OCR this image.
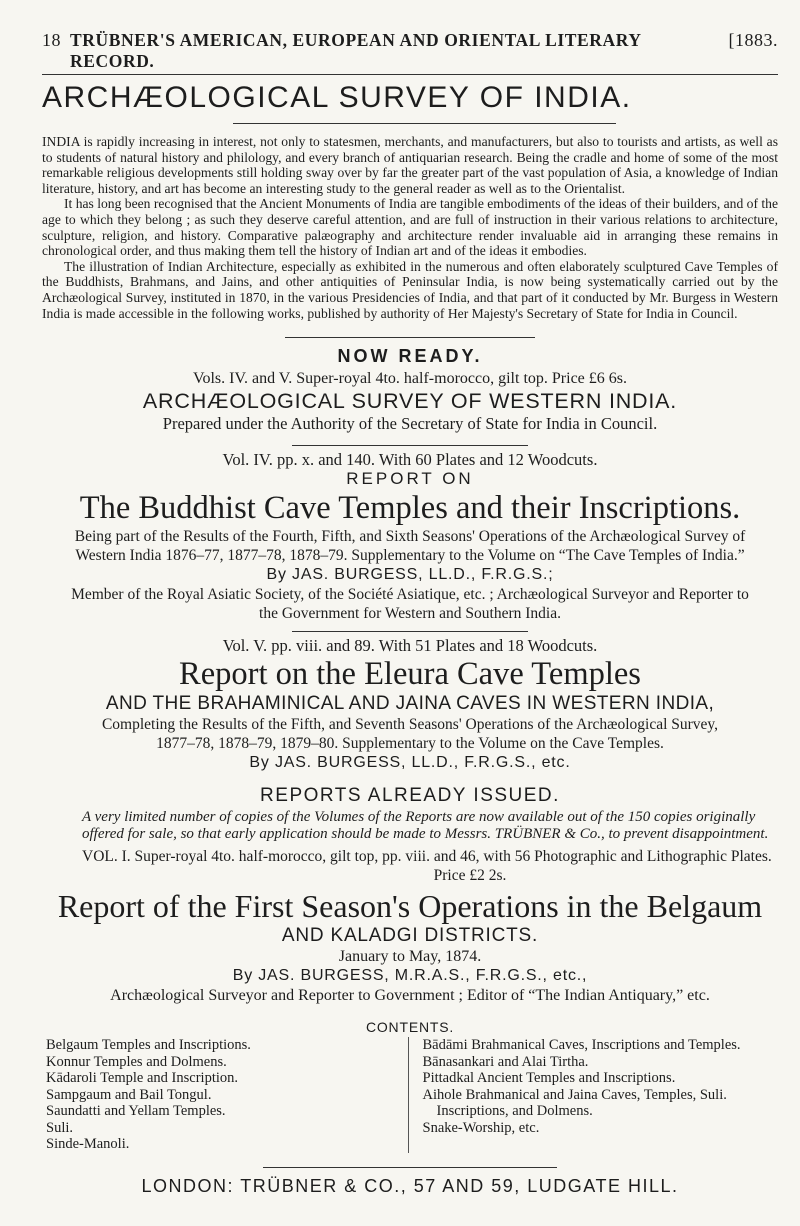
18 TRÜBNER'S AMERICAN, EUROPEAN AND ORIENTAL LITERARY RECORD.
[1883.
ARCHÆOLOGICAL SURVEY OF INDIA.

INDIA is rapidly increasing in interest, not only to statesmen, merchants, and manufacturers, but also to tourists and artists, as well as to students of natural history and philology, and every branch of antiquarian research. Being the cradle and home of some of the most remarkable religious developments still holding sway over by far the greater part of the vast population of Asia, a knowledge of Indian literature, history, and art has become an interesting study to the general reader as well as to the Orientalist.

It has long been recognised that the Ancient Monuments of India are tangible embodiments of the ideas of their builders, and of the age to which they belong ; as such they deserve careful attention, and are full of instruction in their various relations to architecture, sculpture, religion, and history. Comparative palæography and architecture render invaluable aid in arranging these remains in chronological order, and thus making them tell the history of Indian art and of the ideas it embodies.

The illustration of Indian Architecture, especially as exhibited in the numerous and often elaborately sculptured Cave Temples of the Buddhists, Brahmans, and Jains, and other antiquities of Peninsular India, is now being systematically carried out by the Archæological Survey, instituted in 1870, in the various Presidencies of India, and that part of it conducted by Mr. Burgess in Western India is made accessible in the following works, published by authority of Her Majesty's Secretary of State for India in Council.

NOW READY.
Vols. IV. and V. Super-royal 4to. half-morocco, gilt top. Price £6 6s.
ARCHÆOLOGICAL SURVEY OF WESTERN INDIA.
Prepared under the Authority of the Secretary of State for India in Council.
Vol. IV. pp. x. and 140. With 60 Plates and 12 Woodcuts.
REPORT ON
The Buddhist Cave Temples and their Inscriptions.
Being part of the Results of the Fourth, Fifth, and Sixth Seasons' Operations of the Archæological Survey of Western India 1876–77, 1877–78, 1878–79. Supplementary to the Volume on “The Cave Temples of India.”
By JAS. BURGESS, LL.D., F.R.G.S.;
Member of the Royal Asiatic Society, of the Société Asiatique, etc. ; Archæological Surveyor and Reporter to the Government for Western and Southern India.
Vol. V. pp. viii. and 89. With 51 Plates and 18 Woodcuts.
Report on the Eleura Cave Temples
AND THE BRAHAMINICAL AND JAINA CAVES IN WESTERN INDIA,
Completing the Results of the Fifth, and Seventh Seasons' Operations of the Archæological Survey, 1877–78, 1878–79, 1879–80. Supplementary to the Volume on the Cave Temples.
By JAS. BURGESS, LL.D., F.R.G.S., etc.
REPORTS ALREADY ISSUED.
A very limited number of copies of the Volumes of the Reports are now available out of the 150 copies originally offered for sale, so that early application should be made to Messrs. TRÜBNER & Co., to prevent disappointment.
VOL. I. Super-royal 4to. half-morocco, gilt top, pp. viii. and 46, with 56 Photographic and Lithographic Plates.
Price £2 2s.
Report of the First Season's Operations in the Belgaum
AND KALADGI DISTRICTS.
January to May, 1874.
By JAS. BURGESS, M.R.A.S., F.R.G.S., etc.,
Archæological Surveyor and Reporter to Government ; Editor of “The Indian Antiquary,” etc.
CONTENTS.
Belgaum Temples and Inscriptions.
Konnur Temples and Dolmens.
Kādaroli Temple and Inscription.
Sampgaum and Bail Tongul.
Saundatti and Yellam Temples.
Suli.
Sinde-Manoli.
Bādāmi Brahmanical Caves, Inscriptions and Temples.
Bānasankari and Alai Tirtha.
Pittadkal Ancient Temples and Inscriptions.
Aihole Brahmanical and Jaina Caves, Temples, Suli. Inscriptions, and Dolmens.
Snake-Worship, etc.
LONDON: TRÜBNER & CO., 57 AND 59, LUDGATE HILL.
